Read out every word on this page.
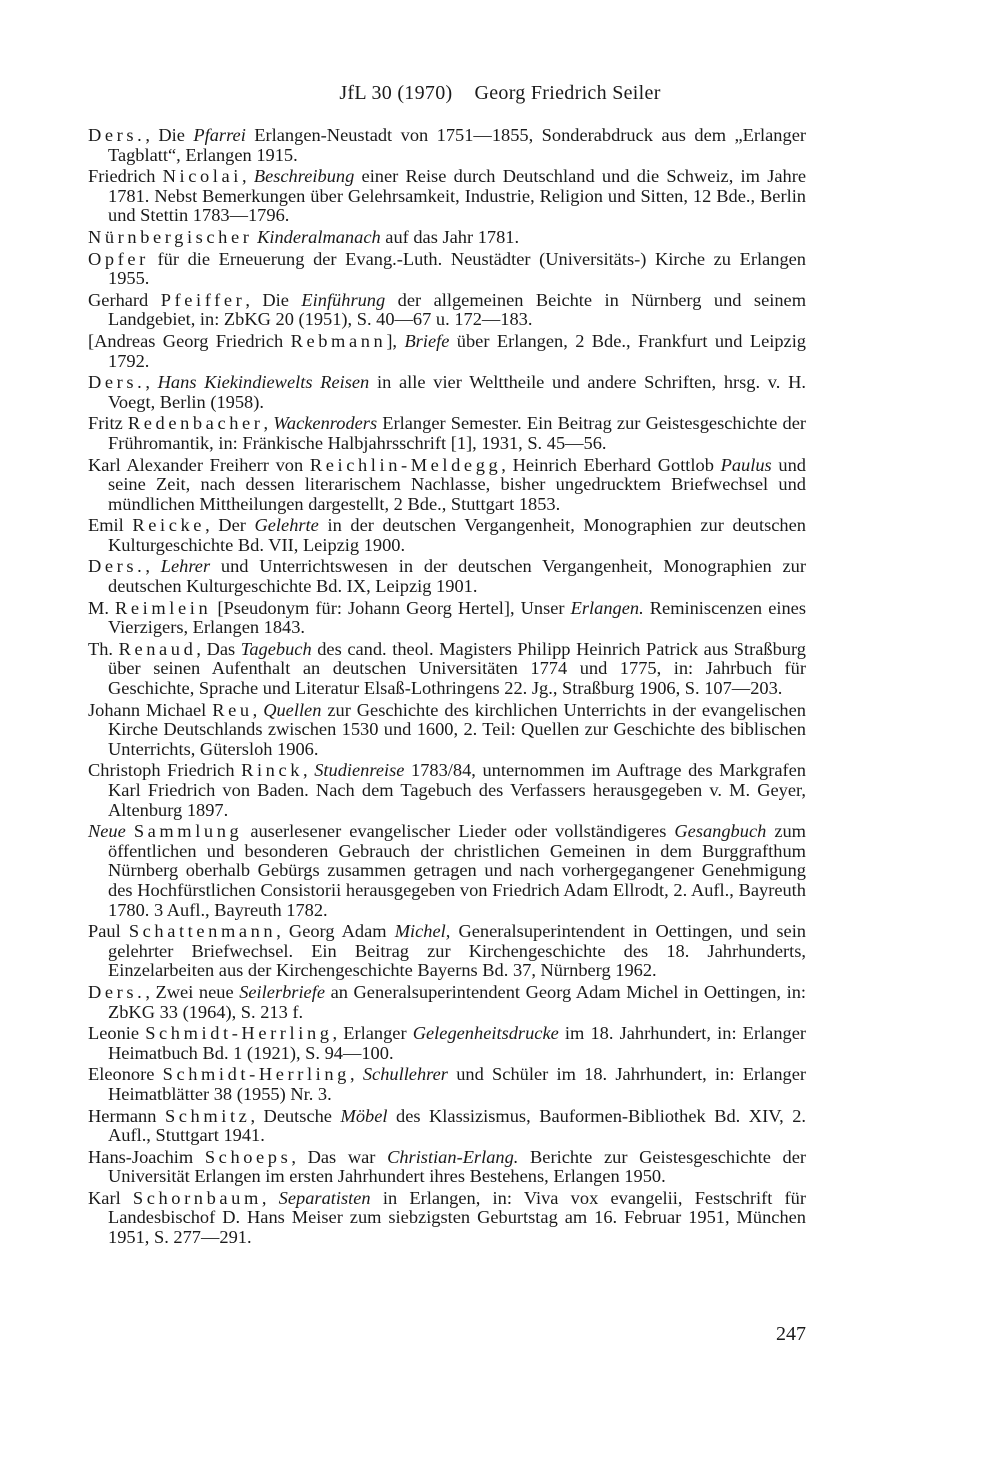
JfL 30 (1970) Georg Friedrich Seiler

Ders., Die Pfarrei Erlangen-Neustadt von 1751—1855, Sonderabdruck aus dem „Erlanger Tagblatt“, Erlangen 1915.

Friedrich Nicolai, Beschreibung einer Reise durch Deutschland und die Schweiz, im Jahre 1781. Nebst Bemerkungen über Gelehrsamkeit, Industrie, Religion und Sitten, 12 Bde., Berlin und Stettin 1783—1796.

Nürnbergischer Kinderalmanach auf das Jahr 1781.

Opfer für die Erneuerung der Evang.-Luth. Neustädter (Universitäts-) Kirche zu Erlangen 1955.

Gerhard Pfeiffer, Die Einführung der allgemeinen Beichte in Nürnberg und seinem Landgebiet, in: ZbKG 20 (1951), S. 40—67 u. 172—183.

[Andreas Georg Friedrich Rebmann], Briefe über Erlangen, 2 Bde., Frankfurt und Leipzig 1792.

Ders., Hans Kiekindiewelts Reisen in alle vier Welttheile und andere Schriften, hrsg. v. H. Voegt, Berlin (1958).

Fritz Redenbacher, Wackenroders Erlanger Semester. Ein Beitrag zur Geistesgeschichte der Frühromantik, in: Fränkische Halbjahrsschrift [1], 1931, S. 45—56.

Karl Alexander Freiherr von Reichlin-Meldegg, Heinrich Eberhard Gottlob Paulus und seine Zeit, nach dessen literarischem Nachlasse, bisher ungedrucktem Briefwechsel und mündlichen Mittheilungen dargestellt, 2 Bde., Stuttgart 1853.

Emil Reicke, Der Gelehrte in der deutschen Vergangenheit, Monographien zur deutschen Kulturgeschichte Bd. VII, Leipzig 1900.

Ders., Lehrer und Unterrichtswesen in der deutschen Vergangenheit, Monographien zur deutschen Kulturgeschichte Bd. IX, Leipzig 1901.

M. Reimlein [Pseudonym für: Johann Georg Hertel], Unser Erlangen. Reminiscenzen eines Vierzigers, Erlangen 1843.

Th. Renaud, Das Tagebuch des cand. theol. Magisters Philipp Heinrich Patrick aus Straßburg über seinen Aufenthalt an deutschen Universitäten 1774 und 1775, in: Jahrbuch für Geschichte, Sprache und Literatur Elsaß-Lothringens 22. Jg., Straßburg 1906, S. 107—203.

Johann Michael Reu, Quellen zur Geschichte des kirchlichen Unterrichts in der evangelischen Kirche Deutschlands zwischen 1530 und 1600, 2. Teil: Quellen zur Geschichte des biblischen Unterrichts, Gütersloh 1906.

Christoph Friedrich Rinck, Studienreise 1783/84, unternommen im Auftrage des Markgrafen Karl Friedrich von Baden. Nach dem Tagebuch des Verfassers herausgegeben v. M. Geyer, Altenburg 1897.

Neue Sammlung auserlesener evangelischer Lieder oder vollständigeres Gesangbuch zum öffentlichen und besonderen Gebrauch der christlichen Gemeinen in dem Burggrafthum Nürnberg oberhalb Gebürgs zusammen getragen und nach vorhergegangener Genehmigung des Hochfürstlichen Consistorii herausgegeben von Friedrich Adam Ellrodt, 2. Aufl., Bayreuth 1780. 3 Aufl., Bayreuth 1782.

Paul Schattenmann, Georg Adam Michel, Generalsuperintendent in Oettingen, und sein gelehrter Briefwechsel. Ein Beitrag zur Kirchengeschichte des 18. Jahrhunderts, Einzelarbeiten aus der Kirchengeschichte Bayerns Bd. 37, Nürnberg 1962.

Ders., Zwei neue Seilerbriefe an Generalsuperintendent Georg Adam Michel in Oettingen, in: ZbKG 33 (1964), S. 213 f.

Leonie Schmidt-Herrling, Erlanger Gelegenheitsdrucke im 18. Jahrhundert, in: Erlanger Heimatbuch Bd. 1 (1921), S. 94—100.

Eleonore Schmidt-Herrling, Schullehrer und Schüler im 18. Jahrhundert, in: Erlanger Heimatblätter 38 (1955) Nr. 3.

Hermann Schmitz, Deutsche Möbel des Klassizismus, Bauformen-Bibliothek Bd. XIV, 2. Aufl., Stuttgart 1941.

Hans-Joachim Schoeps, Das war Christian-Erlang. Berichte zur Geistesgeschichte der Universität Erlangen im ersten Jahrhundert ihres Bestehens, Erlangen 1950.

Karl Schornbaum, Separatisten in Erlangen, in: Viva vox evangelii, Festschrift für Landesbischof D. Hans Meiser zum siebzigsten Geburtstag am 16. Februar 1951, München 1951, S. 277—291.

247
